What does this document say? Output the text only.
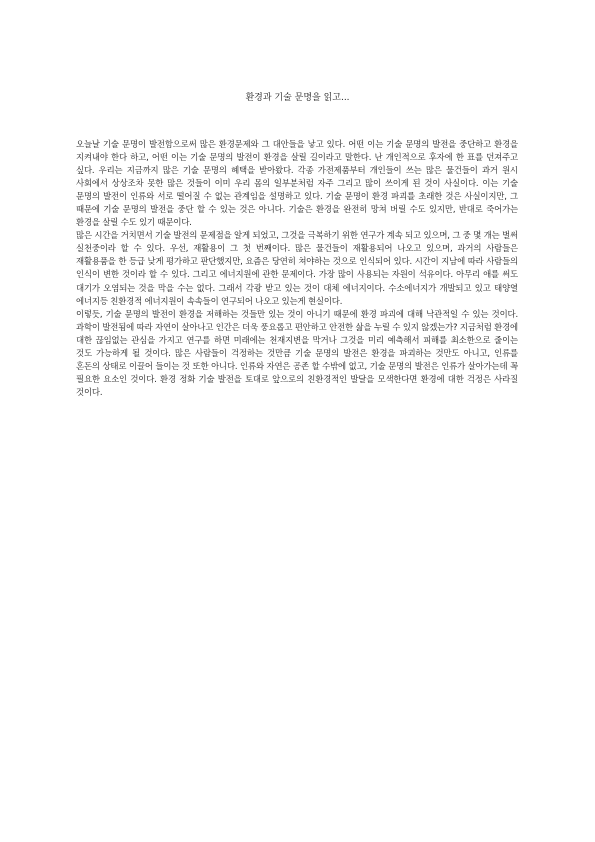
환경과 기술 문명을 읽고...

오늘날 기술 문명이 발전함으로써 많은 환경문제와 그 대안들을 낳고 있다. 어떤 이는 기술 문명의 발전을 중단하고 환경을 지켜내야 한다 하고, 어떤 이는 기술 문명의 발전이 환경을 살릴 길이라고 말한다. 난 개인적으로 후자에 한 표를 던져주고 싶다. 우리는 지금까지 많은 기술 문명의 혜택을 받아왔다. 각종 가전제품부터 개인들이 쓰는 많은 물건들이 과거 원시 사회에서 상상조차 못한 많은 것들이 이미 우리 몸의 일부분처럼 자주 그리고 많이 쓰이게 된 것이 사실이다. 이는 기술 문명의 발전이 인류와 서로 떨어질 수 없는 관계임을 설명하고 있다. 기술 문명이 환경 파괴를 초래한 것은 사실이지만, 그 때문에 기술 문명의 발전을 중단 할 수 있는 것은 아니다. 기술은 환경을 완전히 망쳐 버릴 수도 있지만, 반대로 죽어가는 환경을 살릴 수도 있기 때문이다.

많은 시간을 거치면서 기술 발전의 문제점을 알게 되었고, 그것을 극복하기 위한 연구가 계속 되고 있으며, 그 중 몇 개는 벌써 실천중이라 할 수 있다. 우선, 재활용이 그 첫 번째이다. 많은 물건들이 재활용되어 나오고 있으며, 과거의 사람들은 재활용품을 한 등급 낮게 평가하고 판단했지만, 요즘은 당연히 쳐야하는 것으로 인식되어 있다. 시간이 지남에 따라 사람들의 인식이 변한 것이라 할 수 있다. 그리고 에너지원에 관한 문제이다. 가장 많이 사용되는 자원이 석유이다. 아무리 애를 써도 대기가 오염되는 것을 막을 수는 없다. 그래서 각광 받고 있는 것이 대체 에너지이다. 수소에너지가 개발되고 있고 태양열 에너지등 친환경적 에너지원이 속속들이 연구되어 나오고 있는게 현실이다.

이렇듯, 기술 문명의 발전이 환경을 저해하는 것들만 있는 것이 아니기 때문에 환경 파괴에 대해 낙관적일 수 있는 것이다. 과학이 발전됨에 따라 자연이 살아나고 인간은 더욱 풍요롭고 편안하고 안전한 삶을 누릴 수 있지 않겠는가? 지금처럼 환경에 대한 끊임없는 관심을 가지고 연구를 하면 미래에는 천재지변을 막거나 그것을 미리 예측해서 피해를 최소한으로 줄이는 것도 가능하게 될 것이다. 많은 사람들이 걱정하는 것만큼 기술 문명의 발전은 환경을 파괴하는 것만도 아니고, 인류를 혼돈의 상태로 이끌어 들이는 것 또한 아니다. 인류와 자연은 공존 할 수밖에 없고, 기술 문명의 발전은 인류가 살아가는데 꼭 필요한 요소인 것이다. 환경 정화 기술 발전을 토대로 앞으로의 친환경적인 발달을 모색한다면 환경에 대한 걱정은 사라질 것이다.
